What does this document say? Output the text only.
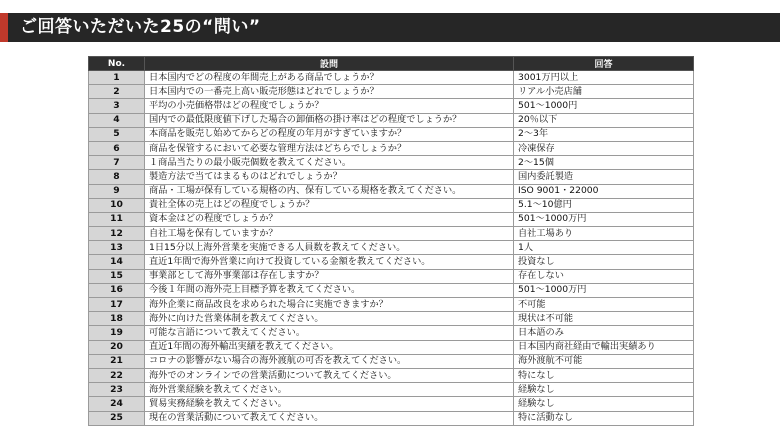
ご回答いただいた25の“問い”
No.	設問	回答
1	日本国内でどの程度の年間売上がある商品でしょうか？	3001万円以上
2	日本国内での一番売上高い販売形態はどれでしょうか？	リアル小売店舗
3	平均の小売価格帯はどの程度でしょうか？	501～1000円
4	国内での最低限度値下げした場合の卸価格の掛け率はどの程度でしょうか？	20％以下
5	本商品を販売し始めてからどの程度の年月がすぎていますか？	2～3年
6	商品を保管するにおいて必要な管理方法はどちらでしょうか？	冷凍保存
7	１商品当たりの最小販売個数を教えてください。	2～15個
8	製造方法で当てはまるものはどれでしょうか？	国内委託製造
9	商品・工場が保有している規格の内、保有している規格を教えてください。	ISO 9001・22000
10	貴社全体の売上はどの程度でしょうか？	5.1～10億円
11	資本金はどの程度でしょうか？	501～1000万円
12	自社工場を保有していますか？	自社工場あり
13	1日15分以上海外営業を実施できる人員数を教えてください。	1人
14	直近1年間で海外営業に向けて投資している金額を教えてください。	投資なし
15	事業部として海外事業部は存在しますか？	存在しない
16	今後１年間の海外売上目標予算を教えてください。	501～1000万円
17	海外企業に商品改良を求められた場合に実施できますか？	不可能
18	海外に向けた営業体制を教えてください。	現状は不可能
19	可能な言語について教えてください。	日本語のみ
20	直近1年間の海外輸出実績を教えてください。	日本国内商社経由で輸出実績あり
21	コロナの影響がない場合の海外渡航の可否を教えてください。	海外渡航不可能
22	海外でのオンラインでの営業活動について教えてください。	特になし
23	海外営業経験を教えてください。	経験なし
24	貿易実務経験を教えてください。	経験なし
25	現在の営業活動について教えてください。	特に活動なし
